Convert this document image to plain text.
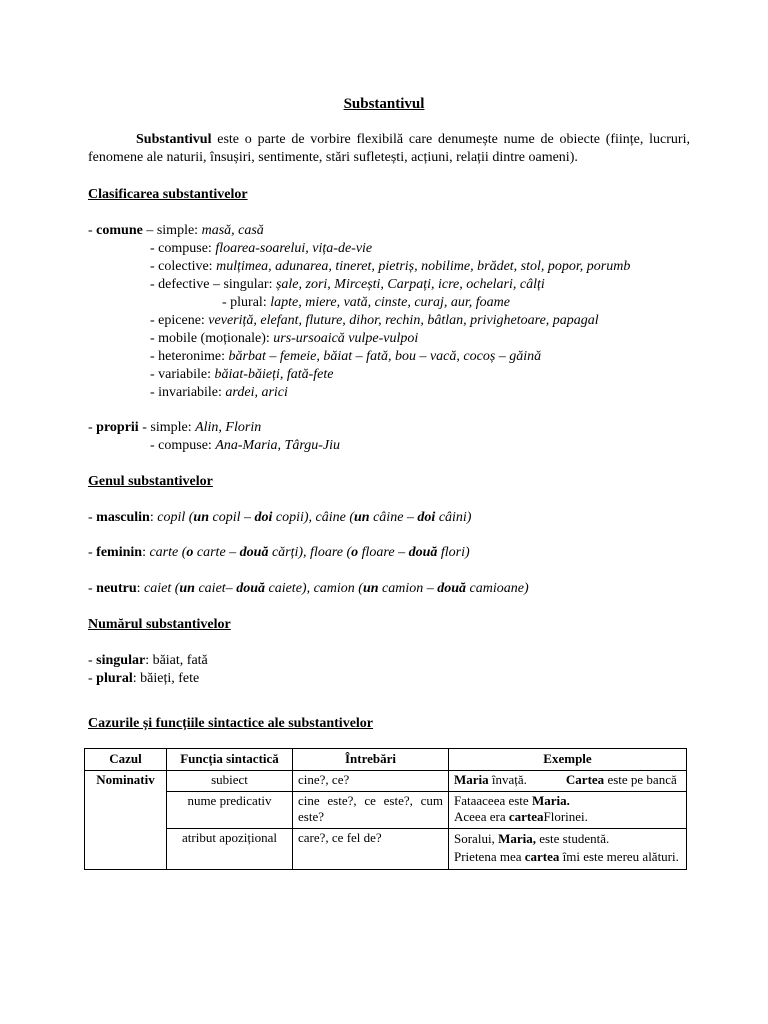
Substantivul
Substantivul este o parte de vorbire flexibilă care denumește nume de obiecte (ființe, lucruri, fenomene ale naturii, însușiri, sentimente, stări sufletești, acțiuni, relații dintre oameni).
Clasificarea substantivelor
- comune – simple: masă, casă
- compuse: floarea-soarelui, vița-de-vie
- colective: mulțimea, adunarea, tineret, pietriș, nobilime, brădet, stol, popor, porumb
- defective – singular: șale, zori, Mircești, Carpați, icre, ochelari, câlți
- plural: lapte, miere, vată, cinste, curaj, aur, foame
- epicene: veveriță, elefant, fluture, dihor, rechin, bâtlan, privighetoare, papagal
- mobile (moționale): urs-ursoaică vulpe-vulpoi
- heteronime: bărbat – femeie, băiat – fată, bou – vacă, cocoș – găină
- variabile: băiat-băieți, fată-fete
- invariabile: ardei, arici
- proprii - simple: Alin, Florin
- compuse: Ana-Maria, Târgu-Jiu
Genul substantivelor
- masculin: copil (un copil – doi copii), câine (un câine – doi câini)
- feminin: carte (o carte – două cărți), floare (o floare – două flori)
- neutru: caiet (un caiet– două caiete), camion (un camion – două camioane)
Numărul substantivelor
- singular: băiat, fată
- plural: băieți, fete
Cazurile și funcțiile sintactice ale substantivelor
Cazul	Funcția sintactică	Întrebări	Exemple
Nominativ	subiect	cine?, ce?	Maria învață.            Cartea este pe bancă
	nume predicativ	cine este?, ce este?, cum este?	Fataaceea este Maria.
Aceea era carteaFlorinei.
	atribut apozițional	care?, ce fel de?	Soralui, Maria, este studentă.
Prietena mea cartea îmi este mereu alături.
